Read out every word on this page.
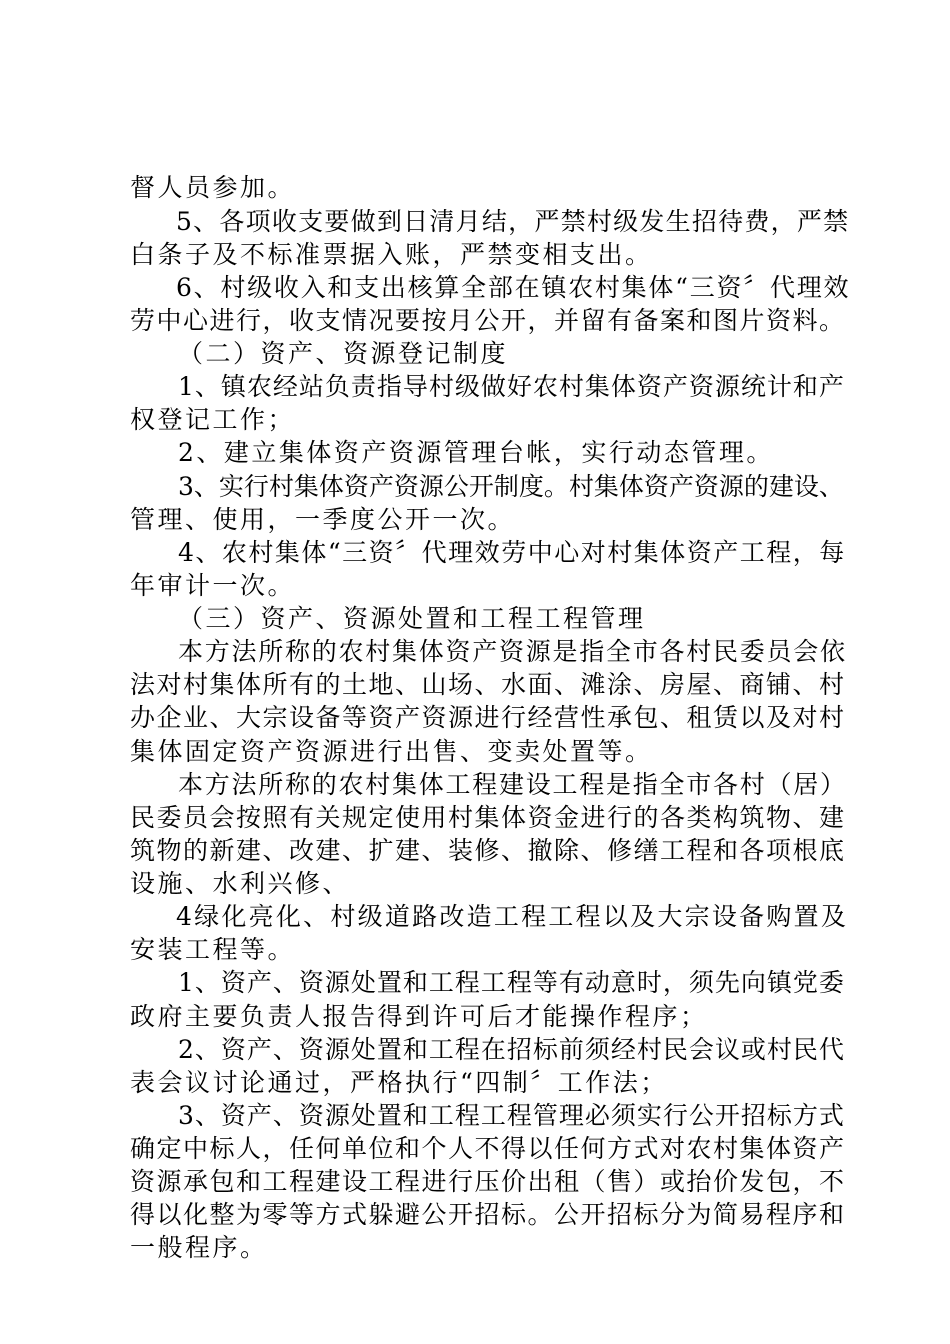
督人员参加。
5、各项收支要做到日清月结，严禁村级发生招待费，严禁
白条子及不标准票据入账，严禁变相支出。
6、村级收入和支出核算全部在镇农村集体“三资〞代理效
劳中心进行，收支情况要按月公开，并留有备案和图片资料。
（二）资产、资源登记制度
1、镇农经站负责指导村级做好农村集体资产资源统计和产
权登记工作；
2、建立集体资产资源管理台帐，实行动态管理。
3、实行村集体资产资源公开制度。村集体资产资源的建设、
管理、使用，一季度公开一次。
4、农村集体“三资〞代理效劳中心对村集体资产工程，每
年审计一次。
（三）资产、资源处置和工程工程管理
本方法所称的农村集体资产资源是指全市各村民委员会依
法对村集体所有的土地、山场、水面、滩涂、房屋、商铺、村
办企业、大宗设备等资产资源进行经营性承包、租赁以及对村
集体固定资产资源进行出售、变卖处置等。
本方法所称的农村集体工程建设工程是指全市各村（居）
民委员会按照有关规定使用村集体资金进行的各类构筑物、建
筑物的新建、改建、扩建、装修、撤除、修缮工程和各项根底
设施、水利兴修、
4绿化亮化、村级道路改造工程工程以及大宗设备购置及
安装工程等。
1、资产、资源处置和工程工程等有动意时，须先向镇党委
政府主要负责人报告得到许可后才能操作程序；
2、资产、资源处置和工程在招标前须经村民会议或村民代
表会议讨论通过，严格执行“四制〞工作法；
3、资产、资源处置和工程工程管理必须实行公开招标方式
确定中标人，任何单位和个人不得以任何方式对农村集体资产
资源承包和工程建设工程进行压价出租（售）或抬价发包，不
得以化整为零等方式躲避公开招标。公开招标分为简易程序和
一般程序。
